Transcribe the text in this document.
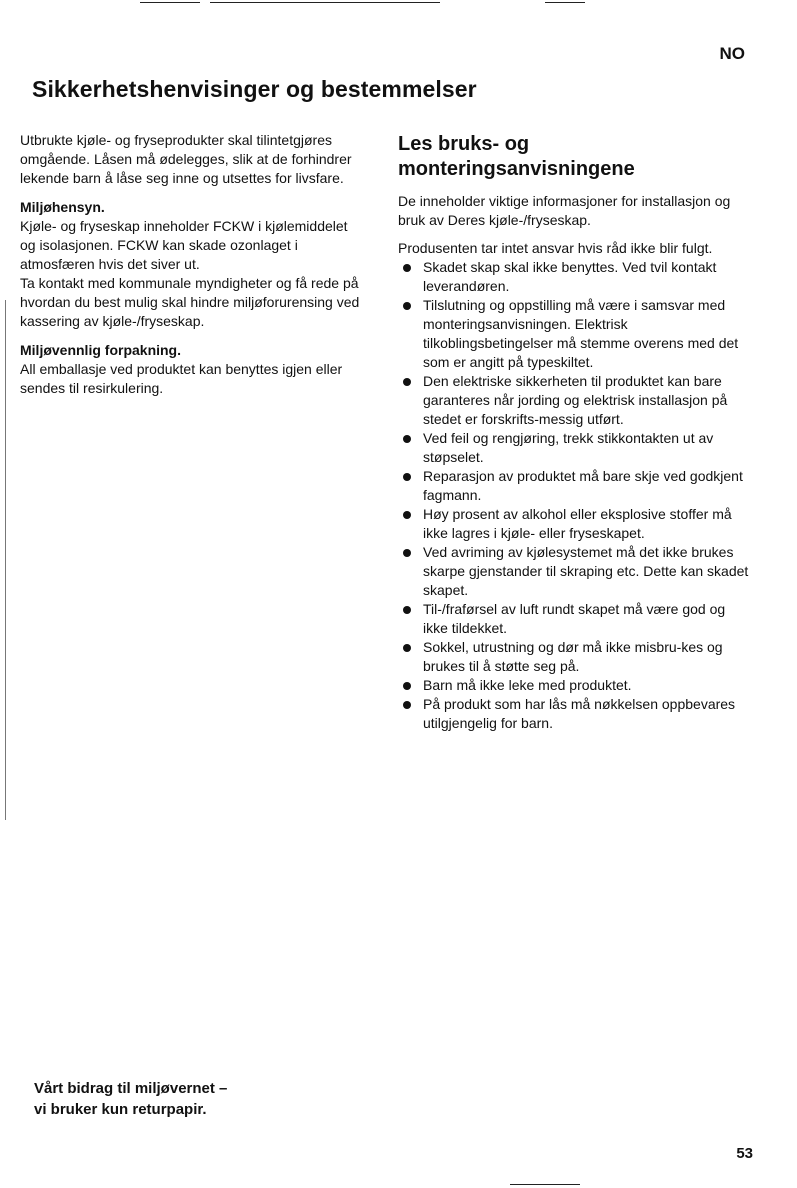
NO
Sikkerhetshenvisinger og bestemmelser

Utbrukte kjøle- og fryseprodukter skal tilintetgjøres omgående. Låsen må ødelegges, slik at de forhindrer lekende barn å låse seg inne og utsettes for livsfare.

Miljøhensyn.

Kjøle- og fryseskap inneholder FCKW i kjølemiddelet og isolasjonen. FCKW kan skade ozonlaget i atmosfæren hvis det siver ut.

Ta kontakt med kommunale myndigheter og få rede på hvordan du best mulig skal hindre miljøforurensing ved kassering av kjøle-/fryseskap.

Miljøvennlig forpakning.

All emballasje ved produktet kan benyttes igjen eller sendes til resirkulering.

Les bruks- og
monteringsanvisningene

De inneholder viktige informasjoner for installasjon og bruk av Deres kjøle-/fryseskap.

Produsenten tar intet ansvar hvis råd ikke blir fulgt.

Skadet skap skal ikke benyttes. Ved tvil kontakt leverandøren.
Tilslutning og oppstilling må være i samsvar med monteringsanvisningen. Elektrisk tilkoblingsbetingelser må stemme overens med det som er angitt på typeskiltet.
Den elektriske sikkerheten til produktet kan bare garanteres når jording og elektrisk installasjon på stedet er forskrifts-messig utført.
Ved feil og rengjøring, trekk stikkontakten ut av støpselet.
Reparasjon av produktet må bare skje ved godkjent fagmann.
Høy prosent av alkohol eller eksplosive stoffer må ikke lagres i kjøle- eller fryseskapet.
Ved avriming av kjølesystemet må det ikke brukes skarpe gjenstander til skraping etc. Dette kan skadet skapet.
Til-/fraførsel av luft rundt skapet må være god og ikke tildekket.
Sokkel, utrustning og dør må ikke misbru-kes og brukes til å støtte seg på.
Barn må ikke leke med produktet.
På produkt som har lås må nøkkelsen oppbevares utilgjengelig for barn.
Vårt bidrag til miljøvernet –
vi bruker kun returpapir.
53
